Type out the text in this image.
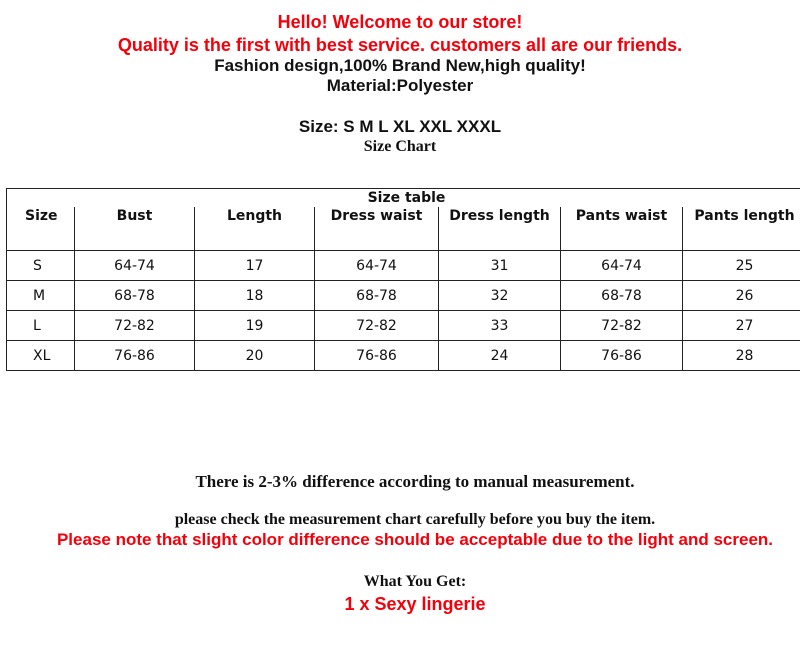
Hello! Welcome to our store!
Quality is the first with best service. customers all are our friends.
Fashion design,100% Brand New,high quality!
Material:Polyester
Size: S M L XL XXL XXXL
Size Chart
Size table						
Size	Bust	Length	Dress waist	Dress length	Pants waist	Pants length
S	64-74	17	64-74	31	64-74	25
M	68-78	18	68-78	32	68-78	26
L	72-82	19	72-82	33	72-82	27
XL	76-86	20	76-86	24	76-86	28
There is 2-3% difference according to manual measurement.
please check the measurement chart carefully before you buy the item.
Please note that slight color difference should be acceptable due to the light and screen.
What You Get:
1 x Sexy lingerie
